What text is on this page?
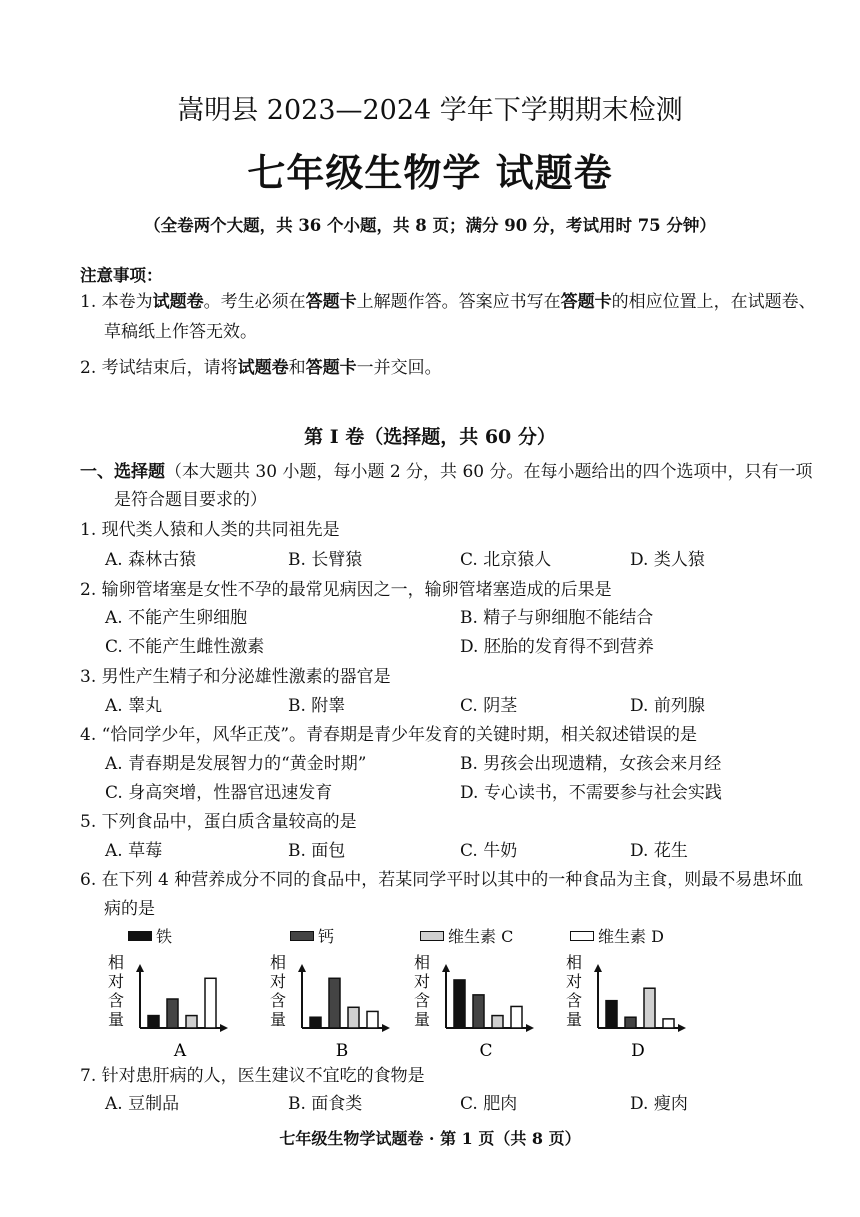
嵩明县 2023—2024 学年下学期期末检测
七年级生物学 试题卷
（全卷两个大题，共 36 个小题，共 8 页；满分 90 分，考试用时 75 分钟）
注意事项：
1. 本卷为试题卷。考生必须在答题卡上解题作答。答案应书写在答题卡的相应位置上，在试题卷、
草稿纸上作答无效。
2. 考试结束后，请将试题卷和答题卡一并交回。
第 I 卷（选择题，共 60 分）
一、选择题（本大题共 30 小题，每小题 2 分，共 60 分。在每小题给出的四个选项中，只有一项
是符合题目要求的）
1. 现代类人猿和人类的共同祖先是
A. 森林古猿	B. 长臂猿	C. 北京猿人	D. 类人猿
2. 输卵管堵塞是女性不孕的最常见病因之一，输卵管堵塞造成的后果是
A. 不能产生卵细胞	B. 精子与卵细胞不能结合
C. 不能产生雌性激素	D. 胚胎的发育得不到营养
3. 男性产生精子和分泌雄性激素的器官是
A. 睾丸	B. 附睾	C. 阴茎	D. 前列腺
4. “恰同学少年，风华正茂”。青春期是青少年发育的关键时期，相关叙述错误的是
A. 青春期是发展智力的“黄金时期”	B. 男孩会出现遗精，女孩会来月经
C. 身高突增，性器官迅速发育	D. 专心读书，不需要参与社会实践
5. 下列食品中，蛋白质含量较高的是
A. 草莓	B. 面包	C. 牛奶	D. 花生
6. 在下列 4 种营养成分不同的食品中，若某同学平时以其中的一种食品为主食，则最不易患坏血
病的是
铁	钙	维生素 C	维生素 D
相
对
含
量
A
相
对
含
量
B
相
对
含
量
C
相
对
含
量
D
7. 针对患肝病的人，医生建议不宜吃的食物是
A. 豆制品	B. 面食类	C. 肥肉	D. 瘦肉
七年级生物学试题卷 · 第 1 页（共 8 页）
